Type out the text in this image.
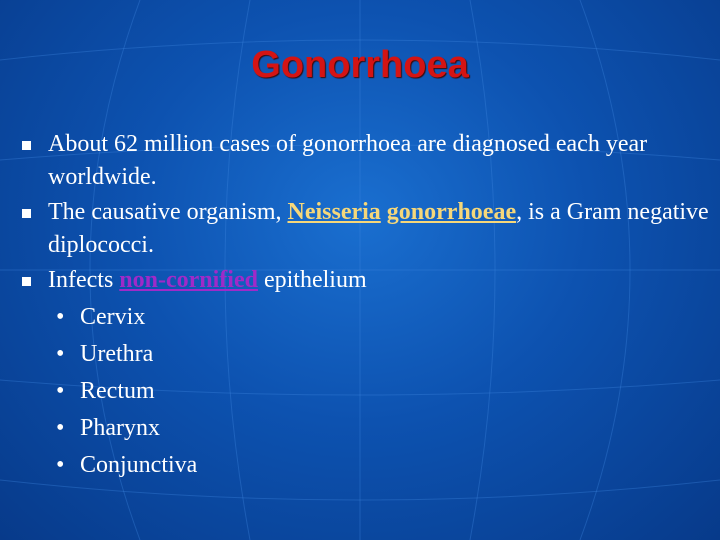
Gonorrhoea
About 62 million cases of gonorrhoea are diagnosed each year worldwide.
The causative organism, Neisseria gonorrhoeae, is a Gram negative diplococci.
Infects non-cornified epithelium
• Cervix
• Urethra
• Rectum
• Pharynx
• Conjunctiva
